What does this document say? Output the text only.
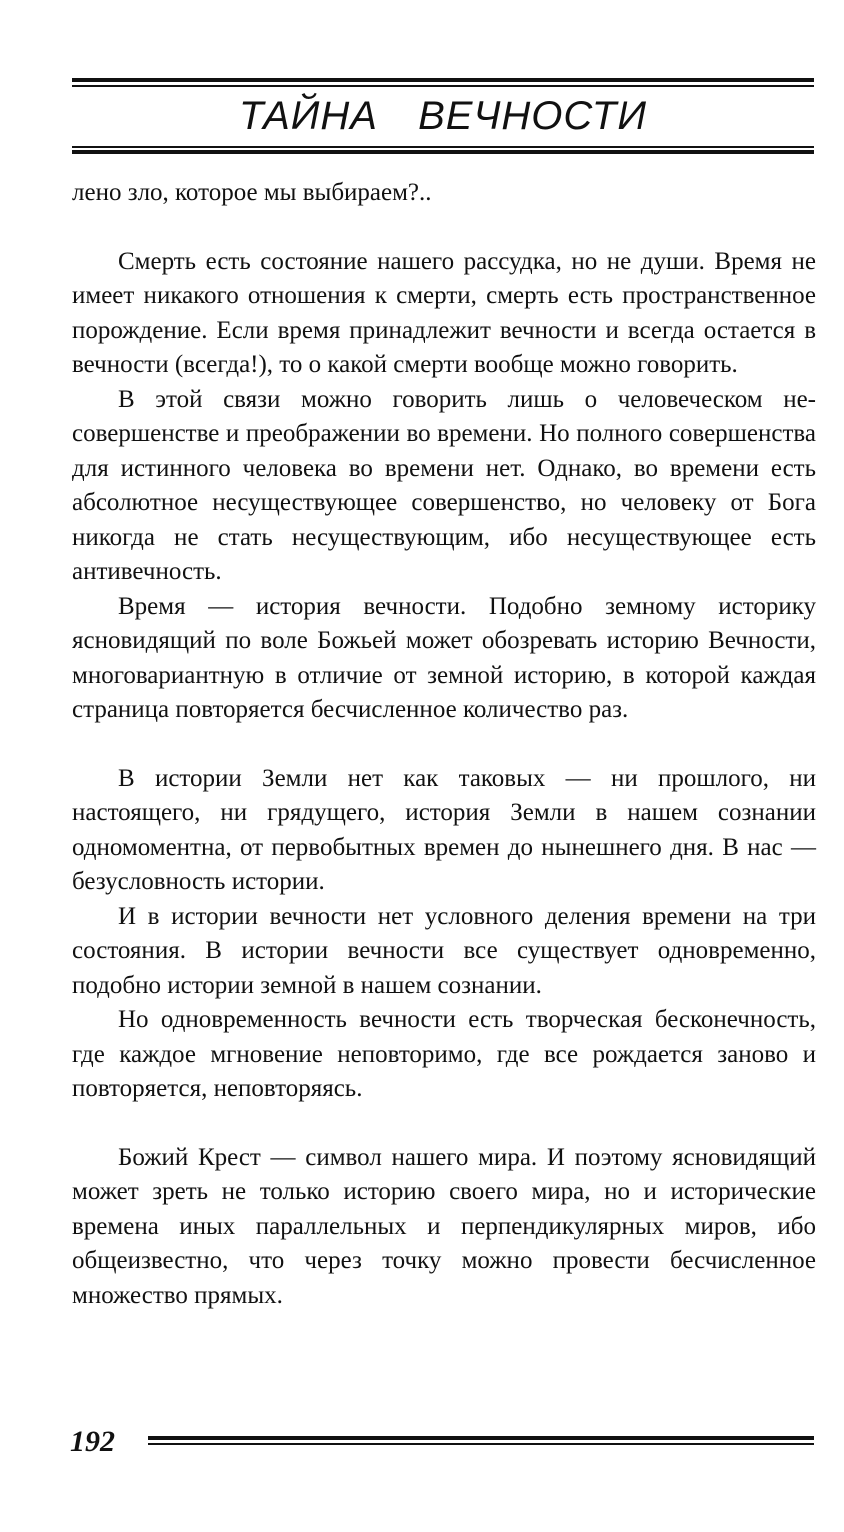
ТАЙНА ВЕЧНОСТИ

лено зло, которое мы выбираем?..

Смерть есть состояние нашего рассудка, но не души. Время не имеет никакого отношения к смерти, смерть есть пространственное порождение. Если время принадлежит вечности и всегда остается в вечности (всегда!), то о какой смерти вообще можно говорить.

В этой связи можно говорить лишь о человеческом несовершенстве и преображении во времени. Но полного совершенства для истинного человека во времени нет. Однако, во времени есть абсолютное несуществующее совершенство, но человеку от Бога никогда не стать несуществующим, ибо несуществующее есть антивечность.

Время — история вечности. Подобно земному историку ясновидящий по воле Божьей может обозревать историю Вечности, многовариантную в отличие от земной историю, в которой каждая страница повторяется бесчисленное количество раз.

В истории Земли нет как таковых — ни прошлого, ни настоящего, ни грядущего, история Земли в нашем сознании одномоментна, от первобытных времен до нынешнего дня. В нас — безусловность истории.

И в истории вечности нет условного деления времени на три состояния. В истории вечности все существует одновременно, подобно истории земной в нашем сознании.

Но одновременность вечности есть творческая бесконечность, где каждое мгновение неповторимо, где все рождается заново и повторяется, неповторяясь.

Божий Крест — символ нашего мира. И поэтому ясновидящий может зреть не только историю своего мира, но и исторические времена иных параллельных и перпендикулярных миров, ибо общеизвестно, что через точку можно провести бесчисленное множество прямых.

192
